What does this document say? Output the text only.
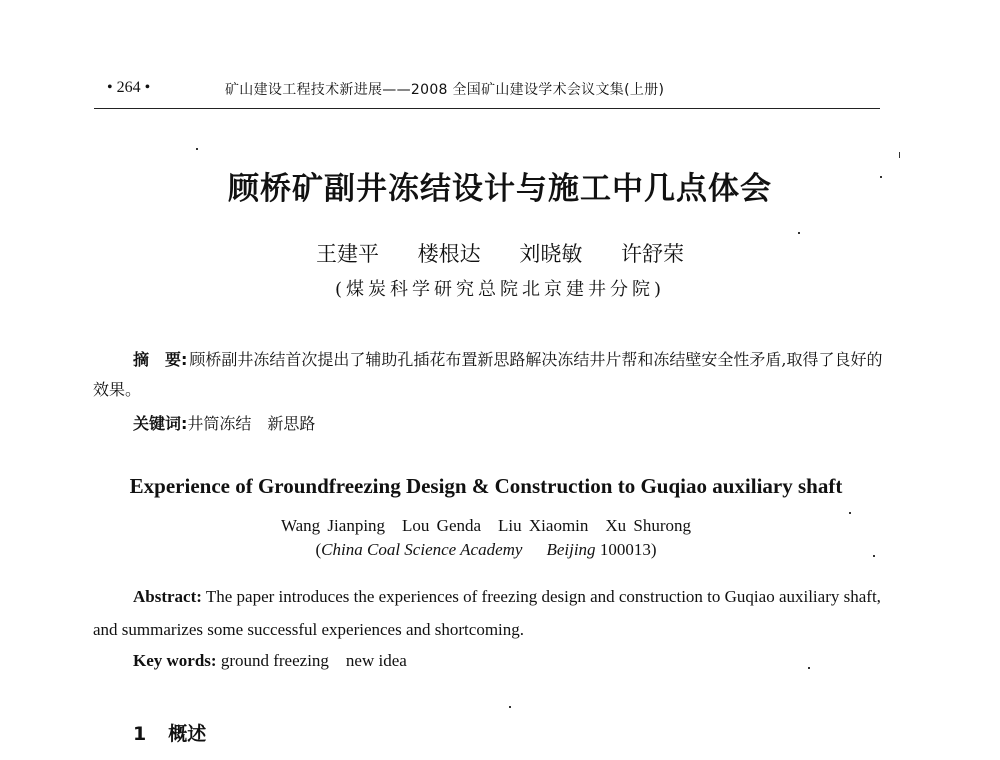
• 264 •	矿山建设工程技术新进展——2008 全国矿山建设学术会议文集(上册)
顾桥矿副井冻结设计与施工中几点体会
王建平 楼根达 刘晓敏 许舒荣
(煤炭科学研究总院北京建井分院)
摘　要: 顾桥副井冻结首次提出了辅助孔插花布置新思路解决冻结井片帮和冻结壁安全性矛盾,取得了良好的效果。
关键词:井筒冻结　新思路
Experience of Groundfreezing Design & Construction to Guqiao auxiliary shaft
Wang Jianping　Lou Genda　Liu Xiaomin　Xu Shurong
(China Coal Science Academy Beijing 100013)
Abstract: The paper introduces the experiences of freezing design and construction to Guqiao auxiliary shaft, and summarizes some successful experiences and shortcoming.
Key words: ground freezing　new idea
1 概述
